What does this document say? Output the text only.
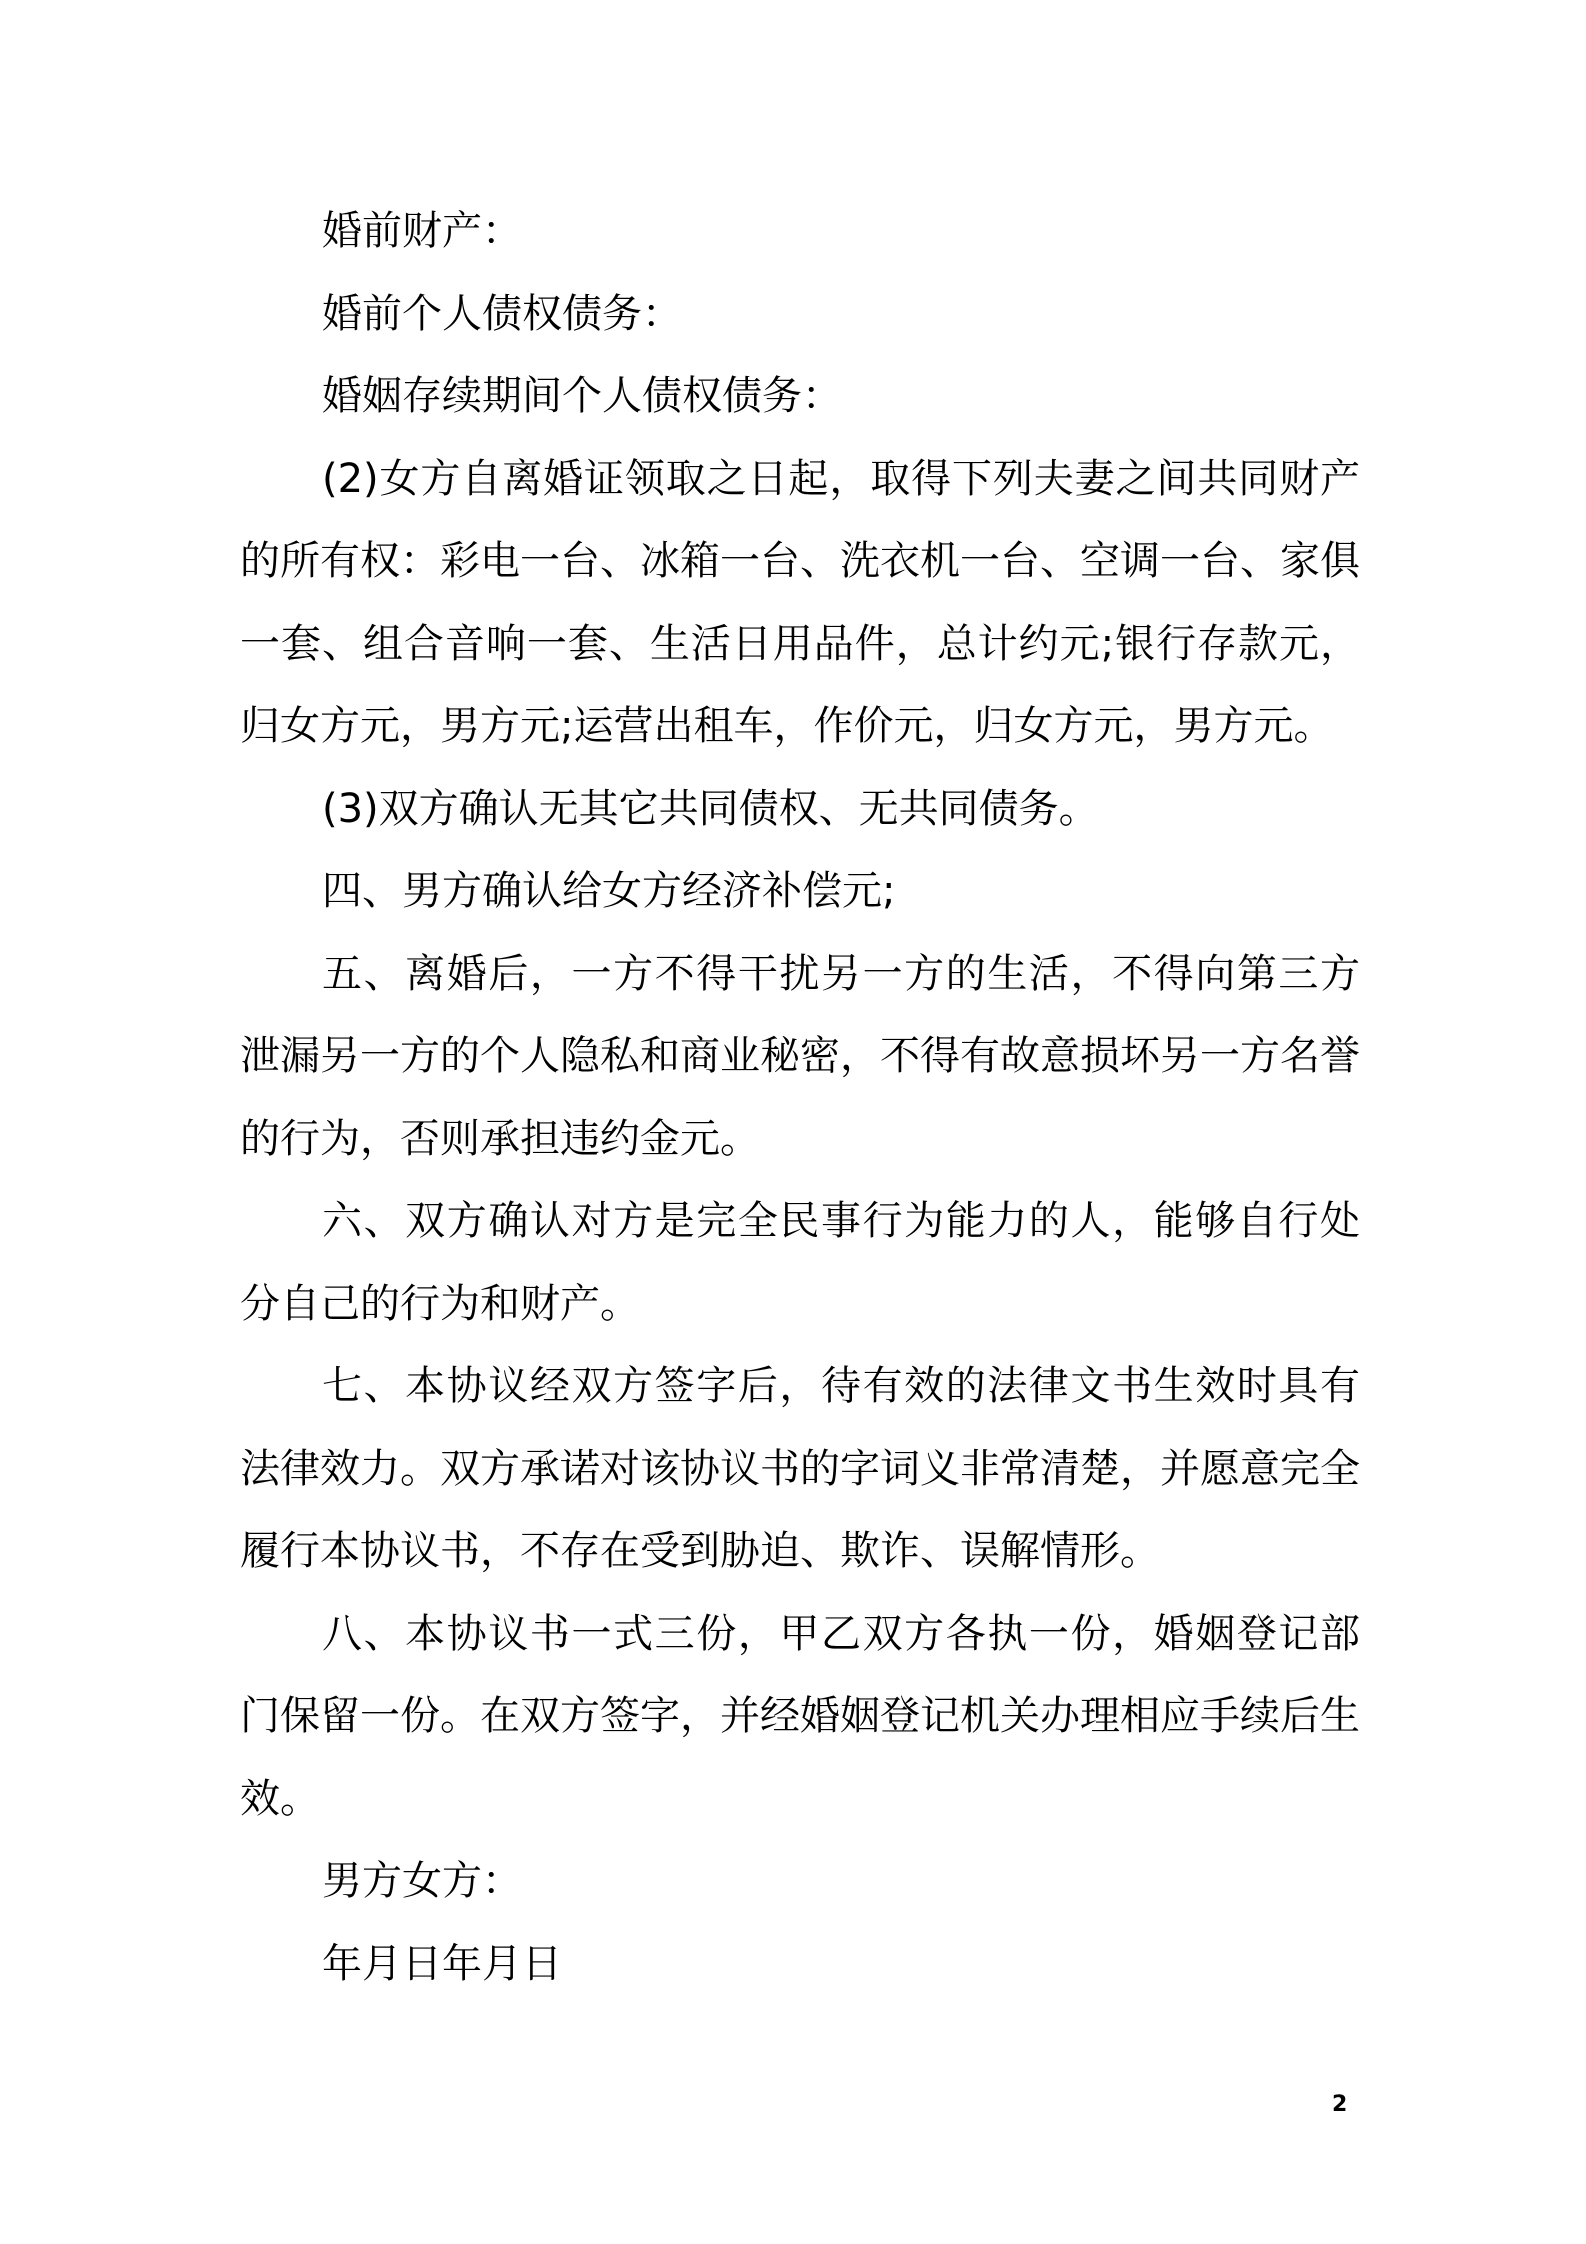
婚前财产：

婚前个人债权债务：

婚姻存续期间个人债权债务：

(2)女方自离婚证领取之日起，取得下列夫妻之间共同财产的所有权：彩电一台、冰箱一台、洗衣机一台、空调一台、家俱一套、组合音响一套、生活日用品件，总计约元;银行存款元，归女方元，男方元;运营出租车，作价元，归女方元，男方元。

(3)双方确认无其它共同债权、无共同债务。

四、男方确认给女方经济补偿元;

五、离婚后，一方不得干扰另一方的生活，不得向第三方泄漏另一方的个人隐私和商业秘密，不得有故意损坏另一方名誉的行为，否则承担违约金元。

六、双方确认对方是完全民事行为能力的人，能够自行处分自己的行为和财产。

七、本协议经双方签字后，待有效的法律文书生效时具有法律效力。双方承诺对该协议书的字词义非常清楚，并愿意完全履行本协议书，不存在受到胁迫、欺诈、误解情形。

八、本协议书一式三份，甲乙双方各执一份，婚姻登记部门保留一份。在双方签字，并经婚姻登记机关办理相应手续后生效。

男方女方：

年月日年月日

2
